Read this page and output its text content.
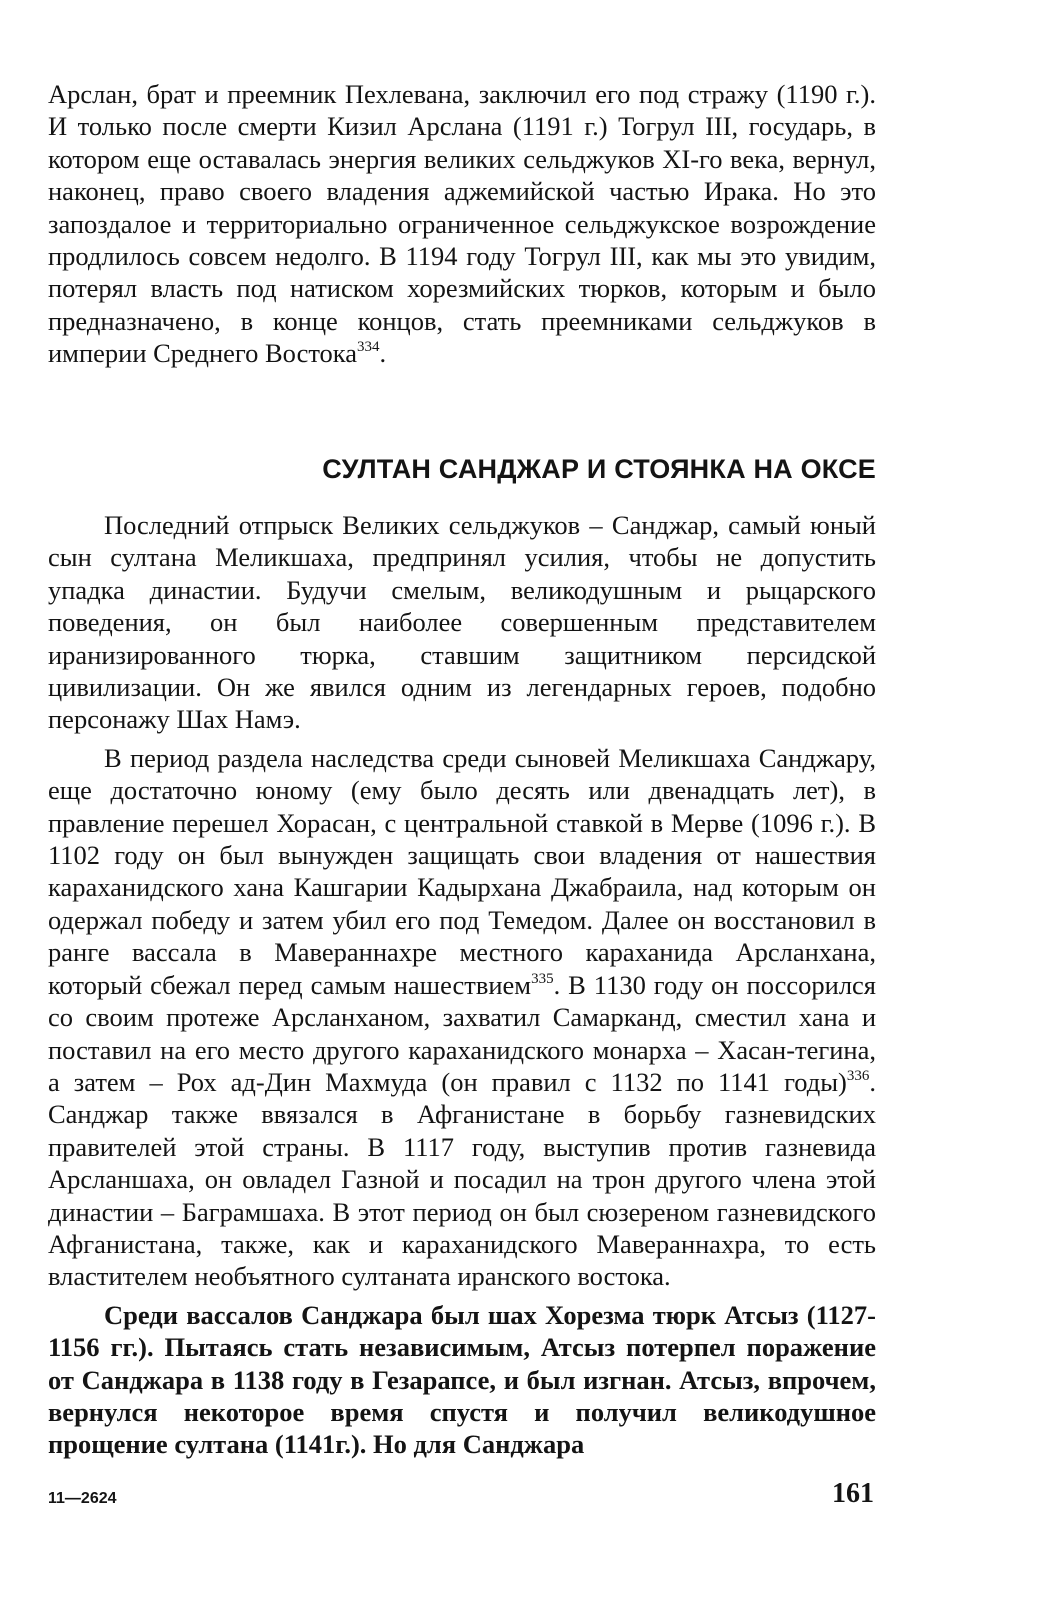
Арслан, брат и преемник Пехлевана, заключил его под стражу (1190 г.). И только после смерти Кизил Арслана (1191 г.) Тогрул III, государь, в котором еще оставалась энергия великих сельджуков XI-го века, вернул, наконец, право своего владения аджемийской частью Ирака. Но это запоздалое и территориально ограниченное сельджукское возрождение продлилось совсем недолго. В 1194 году Тогрул III, как мы это увидим, потерял власть под натиском хорезмийских тюрков, которым и было предназначено, в конце концов, стать преемниками сельджуков в империи Среднего Востока$^{334}$.

СУЛТАН САНДЖАР И СТОЯНКА НА ОКСЕ

Последний отпрыск Великих сельджуков – Санджар, самый юный сын султана Меликшаха, предпринял усилия, чтобы не допустить упадка династии. Будучи смелым, великодушным и рыцарского поведения, он был наиболее совершенным представителем иранизированного тюрка, ставшим защитником персидской цивилизации. Он же явился одним из легендарных героев, подобно персонажу Шах Намэ.

В период раздела наследства среди сыновей Меликшаха Санджару, еще достаточно юному (ему было десять или двенадцать лет), в правление перешел Хорасан, с центральной ставкой в Мерве (1096 г.). В 1102 году он был вынужден защищать свои владения от нашествия караханидского хана Кашгарии Кадырхана Джабраила, над которым он одержал победу и затем убил его под Темедом. Далее он восстановил в ранге вассала в Мавераннахре местного караханида Арсланхана, который сбежал перед самым нашествием$^{335}$. В 1130 году он поссорился со своим протеже Арсланханом, захватил Самарканд, сместил хана и поставил на его место другого караханидского монарха – Хасан-тегина, а затем – Рох ад-Дин Махмуда (он правил с 1132 по 1141 годы)$^{336}$. Санджар также ввязался в Афганистане в борьбу газневидских правителей этой страны. В 1117 году, выступив против газневида Арсланшаха, он овладел Газной и посадил на трон другого члена этой династии – Баграмшаха. В этот период он был сюзереном газневидского Афганистана, также, как и караханидского Мавераннахра, то есть властителем необъятного султаната иранского востока.

Среди вассалов Санджара был шах Хорезма тюрк Атсыз (1127-1156 гг.). Пытаясь стать независимым, Атсыз потерпел поражение от Санджара в 1138 году в Гезарапсе, и был изгнан. Атсыз, впрочем, вернулся некоторое время спустя и получил великодушное прощение султана (1141г.). Но для Санджара

11—2624	161
